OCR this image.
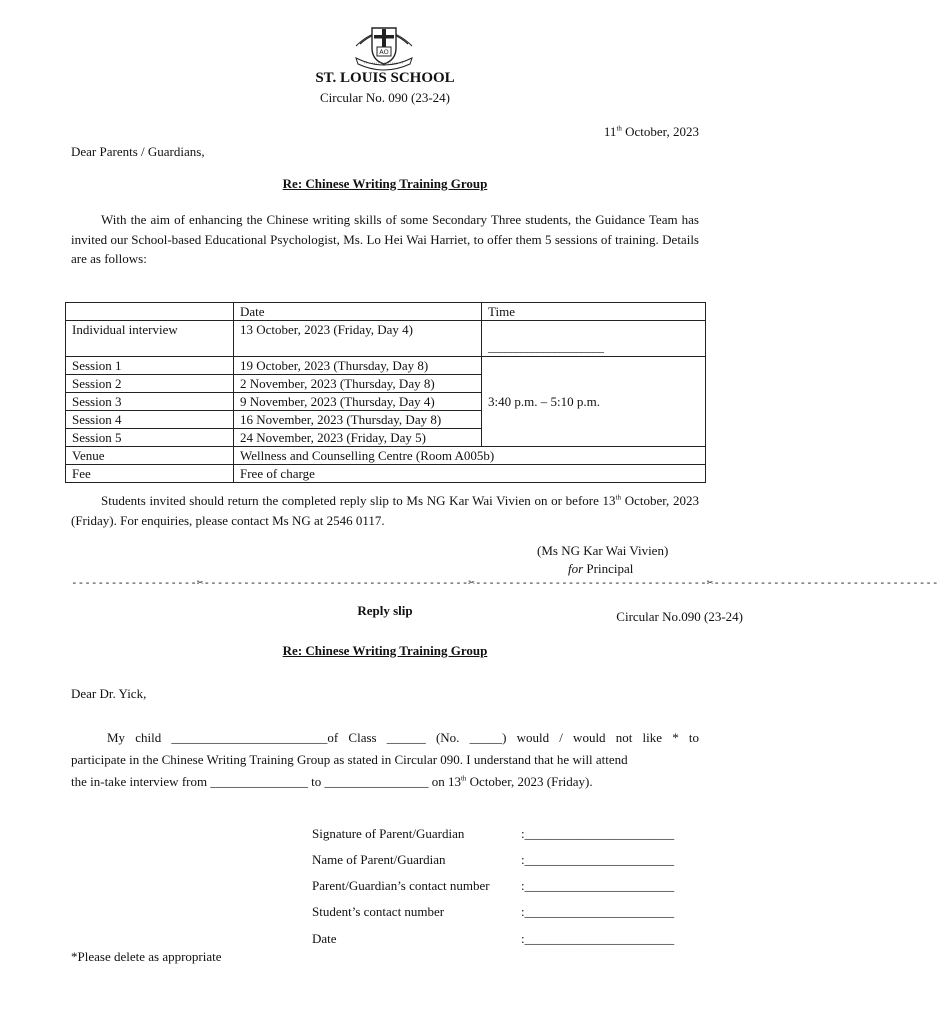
AO
ST. LOUIS SCHOOL
Circular No. 090 (23-24)
11th October, 2023
Dear Parents / Guardians,
Re: Chinese Writing Training Group
With the aim of enhancing the Chinese writing skills of some Secondary Three students, the Guidance Team has invited our School-based Educational Psychologist, Ms. Lo Hei Wai Harriet, to offer them 5 sessions of training. Details are as follows:
	Date	Time
Individual interview	13 October, 2023 (Friday, Day 4)	_____________________
Session 1	19 October, 2023 (Thursday, Day 8)	3:40 p.m. – 5:10 p.m.
Session 2	2 November, 2023 (Thursday, Day 8)	
Session 3	9 November, 2023 (Thursday, Day 4)	
Session 4	16 November, 2023 (Thursday, Day 8)	
Session 5	24 November, 2023 (Friday, Day 5)	
Venue	Wellness and Counselling Centre (Room A005b)	
Fee	Free of charge	
Students invited should return the completed reply slip to Ms NG Kar Wai Vivien on or before 13th October, 2023 (Friday). For enquiries, please contact Ms NG at 2546 0117.
(Ms NG Kar Wai Vivien)
for Principal
-------------------✂----------------------------------------✂-----------------------------------✂----------------------------------
Reply slip	Circular No.090 (23-24)
Re: Chinese Writing Training Group
Dear Dr. Yick,
My child ________________________of Class ______ (No. _____) would / would not like * to
participate in the Chinese Writing Training Group as stated in Circular 090. I understand that he will attend
the in-take interview from _______________ to ________________ on 13th October, 2023 (Friday).
Signature of Parent/Guardian	:_______________________
Name of Parent/Guardian	:_______________________
Parent/Guardian’s contact number :_______________________
Student’s contact number	:_______________________
Date	:_______________________
*Please delete as appropriate
